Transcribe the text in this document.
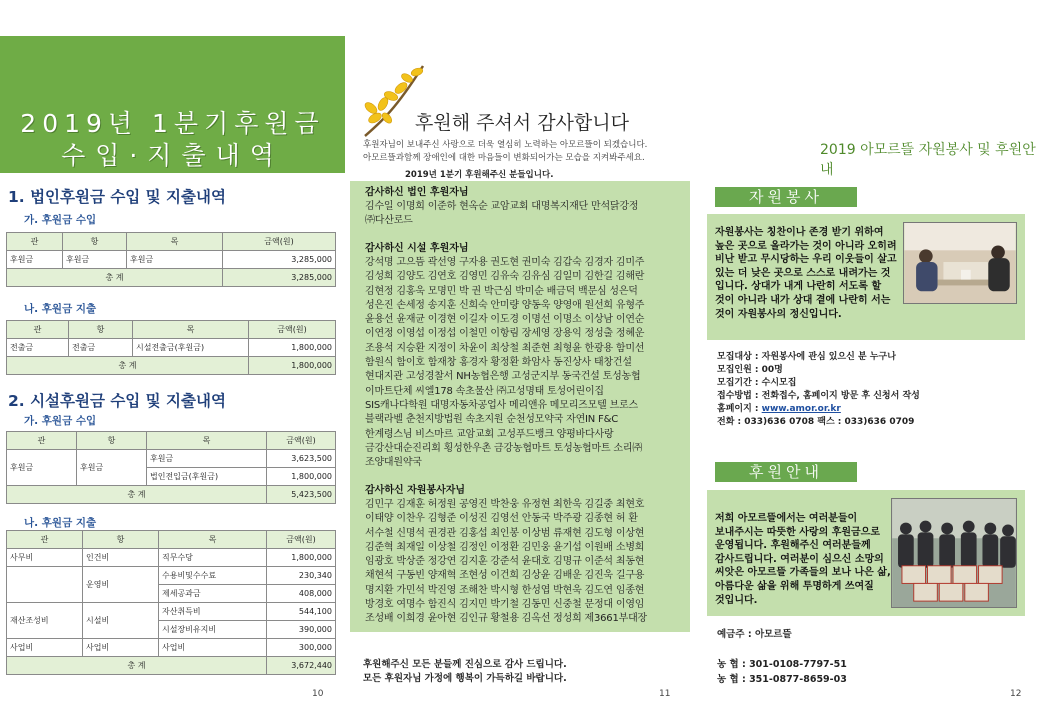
2019년 1분기후원금
수입·지출내역
1. 법인후원금 수입 및 지출내역
가. 후원금 수입
관	항	목	금액(원)
후원금	후원금	후원금	3,285,000
총 계			3,285,000
나. 후원금 지출
관	항	목	금액(원)
전출금	전출금	시설전출금(후원금)	1,800,000
총 계			1,800,000
2. 시설후원금 수입 및 지출내역
가. 후원금 수입
관	항	목	금액(원)
후원금	후원금	후원금	3,623,500
		법인전입금(후원금)	1,800,000
총 계			5,423,500
나. 후원금 지출
관	항	목	금액(원)
사무비	인건비	직무수당	1,800,000
	운영비	수용비및수수료	230,340
		제세공과금	408,000
재산조성비	시설비	자산취득비	544,100
		시설장비유지비	390,000
사업비	사업비	사업비	300,000
총 계			3,672,440
10
후원해 주셔서 감사합니다
후원자님이 보내주신 사랑으로 더욱 열심히 노력하는 아모르뜰이 되겠습니다.
아모르뜰과함께 장애인에 대한 마음들이 변화되어가는 모습을 지켜봐주세요.
2019년 1분기 후원해주신 분들입니다.
감사하신 법인 후원자님
김수일 이명희 이준하 현옥순 교암교회 대명복지재단 만석닭강정
㈜다산로드
감사하신 시설 후원자님
강석명 고으뜸 곽선영 구자용 권도현 권미숙 김갑숙 김경자 김미주
김성희 김양도 김연호 김영민 김유숙 김유심 김일미 김한길 김해란
김현정 김홍욱 모명민 박 권 박근심 박미순 배금덕 백문심 성은덕
성은진 손세정 송지훈 신희숙 안미량 양동욱 양영애 원선희 유형주
윤용선 윤재균 이경현 이길자 이도경 이명선 이명소 이상남 이연순
이연정 이영섭 이정섭 이철민 이항림 장세영 장용익 정성출 정혜운
조용석 지승환 지정이 차윤이 최상철 최준현 최형윤 한광용 함미선
함원식 함이호 함재창 홍경자 황정환 화암사 동진상사 태창건설
현대지관 고성경찰서 NH농협은행 고성군지부 동국건설 토성농협
이마트단체 씨엘178 속초물산 ㈜고성명태 토성어린이집
SIS캐나다학원 대명자동차공업사 메리앤유 메모리즈모텔 브로스
블랙라벨 춘천지방법원 속초지원 순천성모약국 자연IN F&C
한계령스님 비스마르 교암교회 고성푸드뱅크 양평바다사랑
금강산대순진리회 횡성한우촌 금강농협마트 토성농협마트 소리㈜
조양대원약국
감사하신 자원봉사자님
김민구 김재훈 허정원 공영진 박찬웅 유정현 최한욱 김길중 최현호
이태양 이찬우 김형준 이성진 김영선 안동국 박주광 김종현 허 환
서수철 신명석 권경관 김홍섭 최인봉 이상범 류재현 김도형 이상현
김준혁 최재일 이상철 김정인 이정환 김민웅 윤기섭 이원배 소병희
임광호 박상준 정강연 김지훈 강준석 윤대호 김명규 이준석 최동현
채현석 구동빈 양재혁 조현성 이건희 김상윤 김배운 김진욱 길구용
명지환 가민석 박진영 조해찬 박시형 한성엽 박현욱 김도연 임종현
방경호 여명수 함진식 김지민 박기철 김동민 신중철 문정대 이영임
조성배 이희경 윤아현 김인규 황철용 김옥선 정성희 제3661부대장
후원해주신 모든 분들께 진심으로 감사 드립니다.
모든 후원자님 가정에 행복이 가득하길 바랍니다.
11
2019 아모르뜰 자원봉사 및 후원안내
자원봉사
자원봉사는 칭찬이나 존경 받기 위하여 높은 곳으로 올라가는 것이 아니라 오히려 비난 받고 무시당하는 우리 이웃들이 살고 있는 더 낮은 곳으로 스스로 내려가는 것 입니다. 상대가 내게 나란히 서도록 할 것이 아니라 내가 상대 곁에 나란히 서는 것이 자원봉사의 정신입니다.
모집대상 : 자원봉사에 관심 있으신 분 누구나
모집인원 : 00명
모집기간 : 수시모집
접수방법 : 전화접수, 홈페이지 방문 후 신청서 작성
홈페이지 : www.amor.or.kr
전화 : 033)636 0708 팩스 : 033)636 0709
후원안내
저희 아모르뜰에서는 여러분들이 보내주시는 따뜻한 사랑의 후원금으로 운영됩니다. 후원해주신 여러분들께 감사드립니다. 여러분이 심으신 소망의 씨앗은 아모르뜰 가족들의 보나 나은 삶, 아름다운 삶을 위해 투명하게 쓰여질 것입니다.
예금주 : 아모르뜰
농 협 : 301-0108-7797-51
농 협 : 351-0877-8659-03
12
